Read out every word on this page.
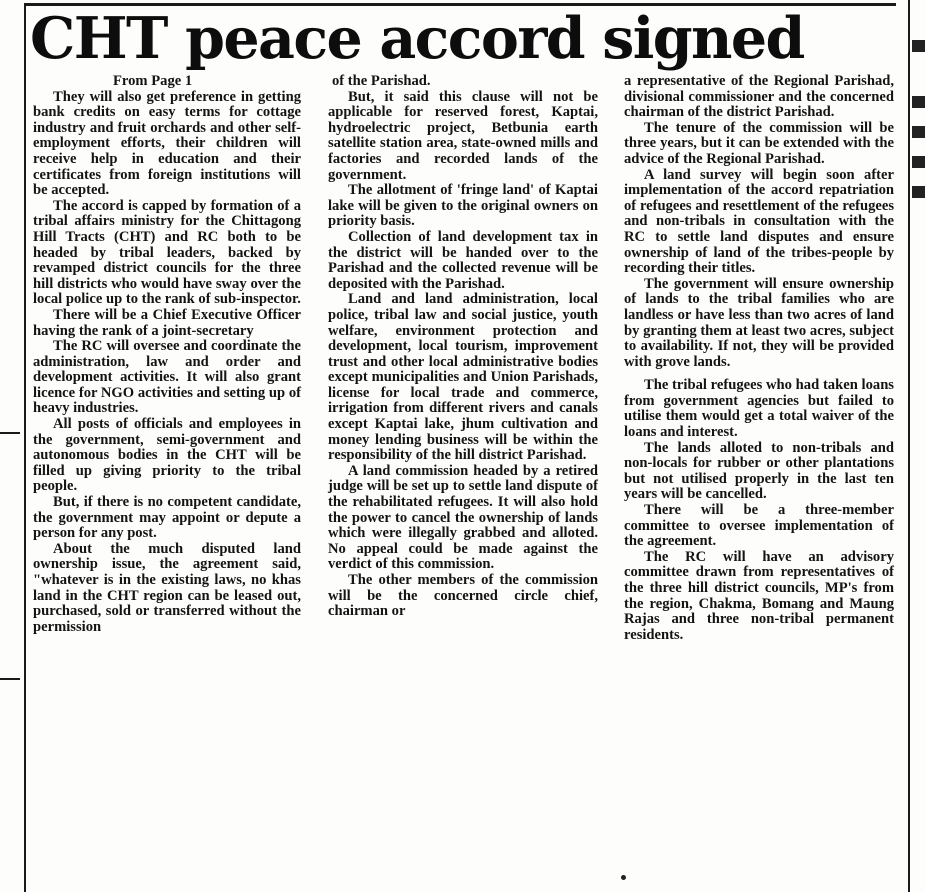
CHT peace accord signed
From Page 1

They will also get preference in getting bank credits on easy terms for cottage industry and fruit orchards and other self-employment efforts, their children will receive help in education and their certificates from foreign institutions will be accepted.

The accord is capped by formation of a tribal affairs ministry for the Chittagong Hill Tracts (CHT) and RC both to be headed by tribal leaders, backed by revamped district councils for the three hill districts who would have sway over the local police up to the rank of sub-inspector.

There will be a Chief Executive Officer having the rank of a joint-secretary

The RC will oversee and coordinate the administration, law and order and development activities. It will also grant licence for NGO activities and setting up of heavy industries.

All posts of officials and employees in the government, semi-government and autonomous bodies in the CHT will be filled up giving priority to the tribal people.

But, if there is no competent candidate, the government may appoint or depute a person for any post.

About the much disputed land ownership issue, the agreement said, "whatever is in the existing laws, no khas land in the CHT region can be leased out, purchased, sold or transferred without the permission

of the Parishad.

But, it said this clause will not be applicable for reserved forest, Kaptai, hydroelectric project, Betbunia earth satellite station area, state-owned mills and factories and recorded lands of the government.

The allotment of 'fringe land' of Kaptai lake will be given to the original owners on priority basis.

Collection of land development tax in the district will be handed over to the Parishad and the collected revenue will be deposited with the Parishad.

Land and land administration, local police, tribal law and social justice, youth welfare, environment protection and development, local tourism, improvement trust and other local administrative bodies except municipalities and Union Parishads, license for local trade and commerce, irrigation from different rivers and canals except Kaptai lake, jhum cultivation and money lending business will be within the responsibility of the hill district Parishad.

A land commission headed by a retired judge will be set up to settle land dispute of the rehabilitated refugees. It will also hold the power to cancel the ownership of lands which were illegally grabbed and alloted. No appeal could be made against the verdict of this commission.

The other members of the commission will be the concerned circle chief, chairman or

a representative of the Regional Parishad, divisional commissioner and the concerned chairman of the district Parishad.

The tenure of the commission will be three years, but it can be extended with the advice of the Regional Parishad.

A land survey will begin soon after implementation of the accord repatriation of refugees and resettlement of the refugees and non-tribals in consultation with the RC to settle land disputes and ensure ownership of land of the tribes-people by recording their titles.

The government will ensure ownership of lands to the tribal families who are landless or have less than two acres of land by granting them at least two acres, subject to availability. If not, they will be provided with grove lands.

The tribal refugees who had taken loans from government agencies but failed to utilise them would get a total waiver of the loans and interest.

The lands alloted to non-tribals and non-locals for rubber or other plantations but not utilised properly in the last ten years will be cancelled.

There will be a three-member committee to oversee implementation of the agreement.

The RC will have an advisory committee drawn from representatives of the three hill district councils, MP's from the region, Chakma, Bomang and Maung Rajas and three non-tribal permanent residents.
